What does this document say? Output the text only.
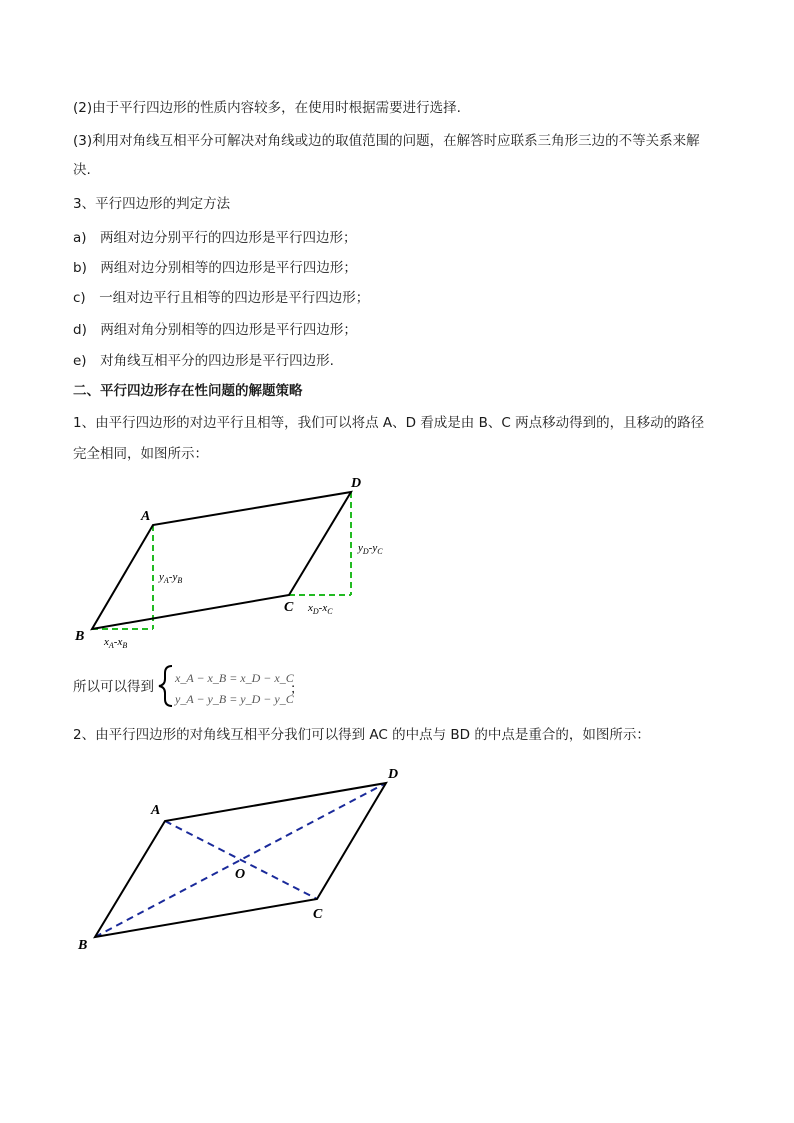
(2)由于平行四边形的性质内容较多，在使用时根据需要进行选择.
(3)利用对角线互相平分可解决对角线或边的取值范围的问题，在解答时应联系三角形三边的不等关系来解
决.
3、平行四边形的判定方法
a)　两组对边分别平行的四边形是平行四边形；
b)　两组对边分别相等的四边形是平行四边形；
c)　一组对边平行且相等的四边形是平行四边形；
d)　两组对角分别相等的四边形是平行四边形；
e)　对角线互相平分的四边形是平行四边形.
二、平行四边形存在性问题的解题策略
1、由平行四边形的对边平行且相等，我们可以将点 A、D 看成是由 B、C 两点移动得到的，且移动的路径
完全相同，如图所示：
A
B
C
D
$y_A-y_B$
$y_D-y_C$
$x_A-x_B$
$x_D-x_C$
所以可以得到
x_A − x_B = x_D − x_C
y_A − y_B = y_D − y_C
；
A
B
C
D
O
2、由平行四边形的对角线互相平分我们可以得到 AC 的中点与 BD 的中点是重合的，如图所示：
